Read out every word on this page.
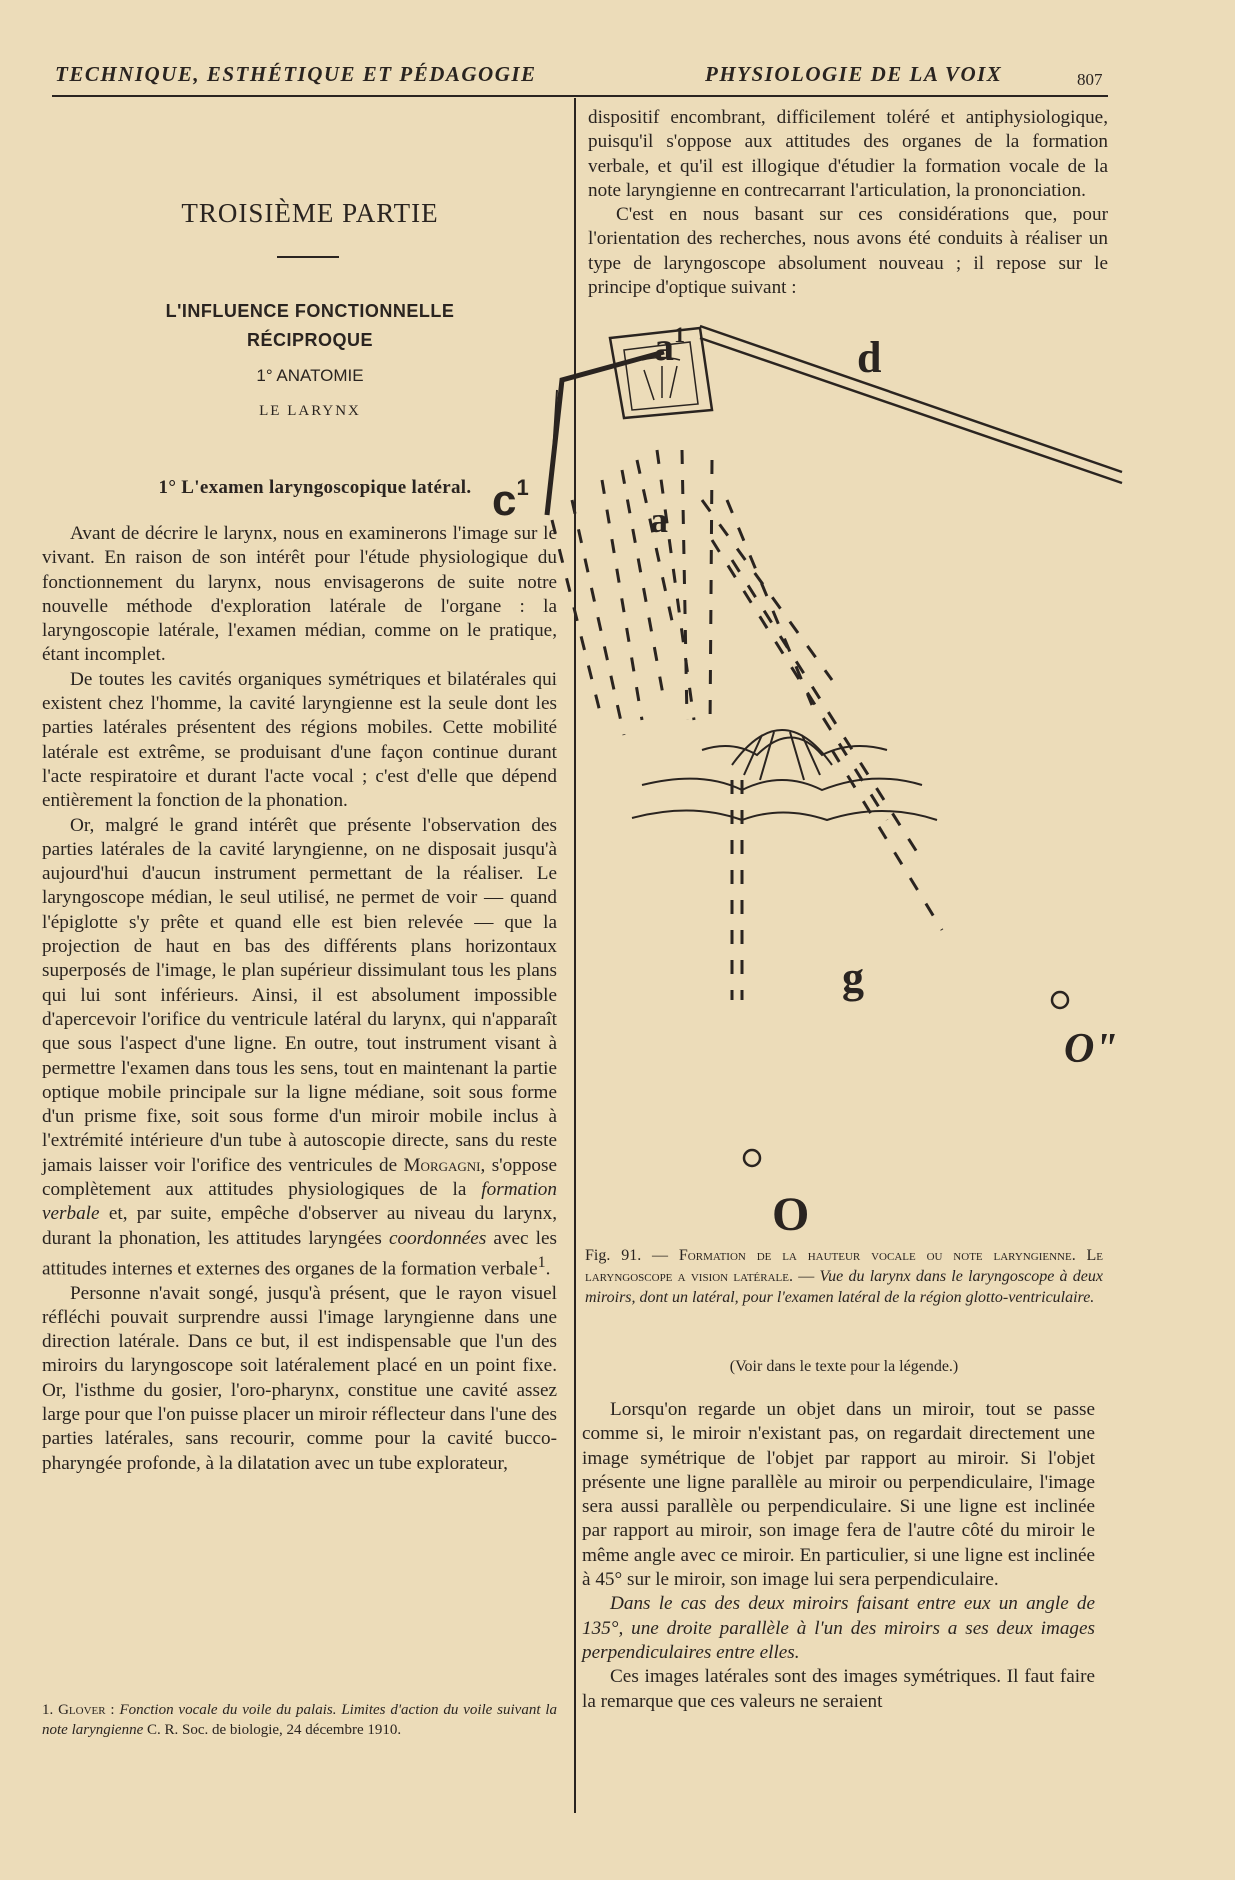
TECHNIQUE, ESTHÉTIQUE ET PÉDAGOGIE	PHYSIOLOGIE DE LA VOIX	807
TROISIÈME PARTIE
L'INFLUENCE FONCTIONNELLE
RÉCIPROQUE
1° ANATOMIE
LE LARYNX
1° L'examen laryngoscopique latéral.

Avant de décrire le larynx, nous en examinerons l'image sur le vivant. En raison de son intérêt pour l'étude physiologique du fonctionnement du larynx, nous envisagerons de suite notre nouvelle méthode d'exploration latérale de l'organe : la laryngoscopie latérale, l'examen médian, comme on le pratique, étant incomplet.

De toutes les cavités organiques symétriques et bilatérales qui existent chez l'homme, la cavité laryngienne est la seule dont les parties latérales présentent des régions mobiles. Cette mobilité latérale est extrême, se produisant d'une façon continue durant l'acte respiratoire et durant l'acte vocal ; c'est d'elle que dépend entièrement la fonction de la phonation.

Or, malgré le grand intérêt que présente l'observation des parties latérales de la cavité laryngienne, on ne disposait jusqu'à aujourd'hui d'aucun instrument permettant de la réaliser. Le laryngoscope médian, le seul utilisé, ne permet de voir — quand l'épiglotte s'y prête et quand elle est bien relevée — que la projection de haut en bas des différents plans horizontaux superposés de l'image, le plan supérieur dissimulant tous les plans qui lui sont inférieurs. Ainsi, il est absolument impossible d'apercevoir l'orifice du ventricule latéral du larynx, qui n'apparaît que sous l'aspect d'une ligne. En outre, tout instrument visant à permettre l'examen dans tous les sens, tout en maintenant la partie optique mobile principale sur la ligne médiane, soit sous forme d'un prisme fixe, soit sous forme d'un miroir mobile inclus à l'extrémité intérieure d'un tube à autoscopie directe, sans du reste jamais laisser voir l'orifice des ventricules de Morgagni, s'oppose complètement aux attitudes physiologiques de la formation verbale et, par suite, empêche d'observer au niveau du larynx, durant la phonation, les attitudes laryngées coordonnées avec les attitudes internes et externes des organes de la formation verbale$^1$.

Personne n'avait songé, jusqu'à présent, que le rayon visuel réfléchi pouvait surprendre aussi l'image laryngienne dans une direction latérale. Dans ce but, il est indispensable que l'un des miroirs du laryngoscope soit latéralement placé en un point fixe. Or, l'isthme du gosier, l'oro-pharynx, constitue une cavité assez large pour que l'on puisse placer un miroir réflecteur dans l'une des parties latérales, sans recourir, comme pour la cavité bucco-pharyngée profonde, à la dilatation avec un tube explorateur,

1. Glover : Fonction vocale du voile du palais. Limites d'action du voile suivant la note laryngienne C. R. Soc. de biologie, 24 décembre 1910.

dispositif encombrant, difficilement toléré et antiphysiologique, puisqu'il s'oppose aux attitudes des organes de la formation verbale, et qu'il est illogique d'étudier la formation vocale de la note laryngienne en contrecarrant l'articulation, la prononciation.

C'est en nous basant sur ces considérations que, pour l'orientation des recherches, nous avons été conduits à réaliser un type de laryngoscope absolument nouveau ; il repose sur le principe d'optique suivant :

$a^1$	d
$c^1$
a
g
O"
O
Fig. 91. — Formation de la hauteur vocale ou note laryngienne. Le laryngoscope a vision latérale. — Vue du larynx dans le laryngoscope à deux miroirs, dont un latéral, pour l'examen latéral de la région glotto-ventriculaire.
(Voir dans le texte pour la légende.)

Lorsqu'on regarde un objet dans un miroir, tout se passe comme si, le miroir n'existant pas, on regardait directement une image symétrique de l'objet par rapport au miroir. Si l'objet présente une ligne parallèle au miroir ou perpendiculaire, l'image sera aussi parallèle ou perpendiculaire. Si une ligne est inclinée par rapport au miroir, son image fera de l'autre côté du miroir le même angle avec ce miroir. En particulier, si une ligne est inclinée à 45° sur le miroir, son image lui sera perpendiculaire.

Dans le cas des deux miroirs faisant entre eux un angle de 135°, une droite parallèle à l'un des miroirs a ses deux images perpendiculaires entre elles.

Ces images latérales sont des images symétriques. Il faut faire la remarque que ces valeurs ne seraient
